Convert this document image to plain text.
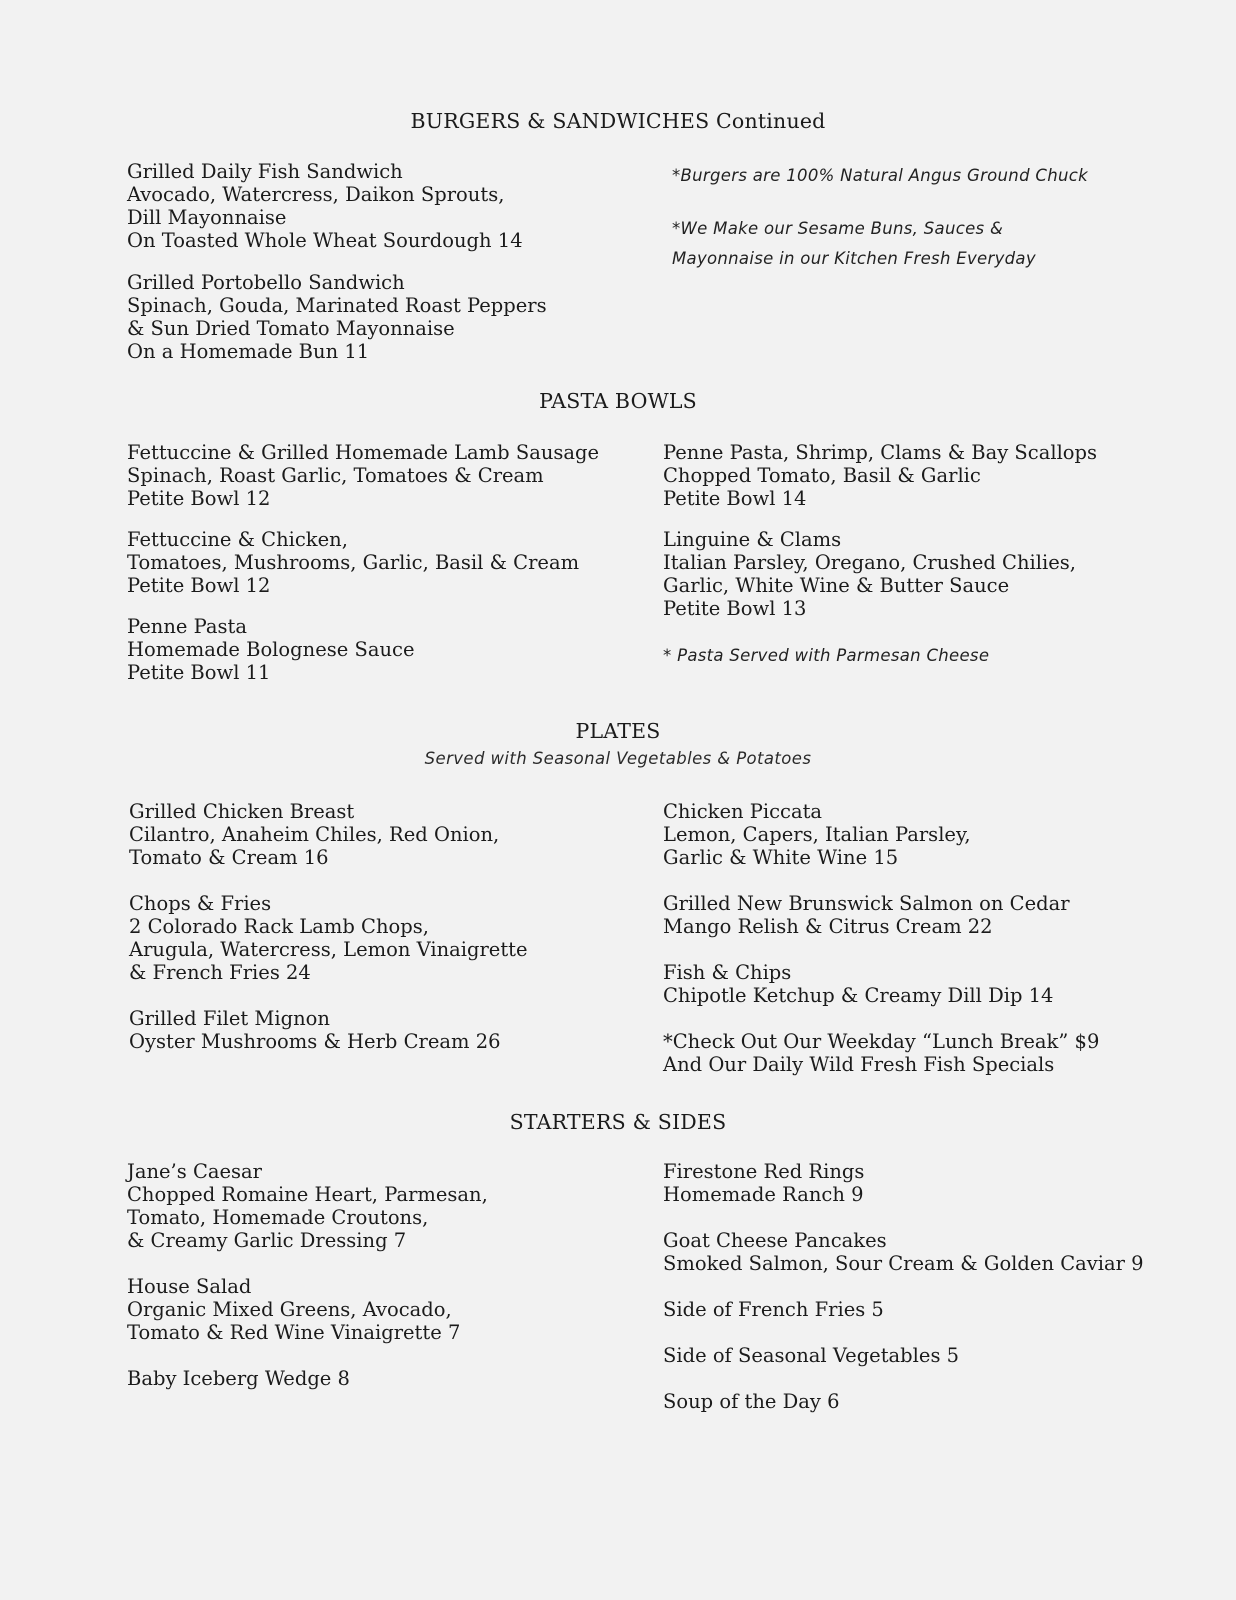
BURGERS & SANDWICHES Continued
Grilled Daily Fish Sandwich
Avocado, Watercress, Daikon Sprouts,
Dill Mayonnaise
On Toasted Whole Wheat Sourdough 14
Grilled Portobello Sandwich
Spinach, Gouda, Marinated Roast Peppers
& Sun Dried Tomato Mayonnaise
On a Homemade Bun 11
*Burgers are 100% Natural Angus Ground Chuck
*We Make our Sesame Buns, Sauces &
Mayonnaise in our Kitchen Fresh Everyday
PASTA BOWLS
Fettuccine & Grilled Homemade Lamb Sausage
Spinach, Roast Garlic, Tomatoes & Cream
Petite Bowl 12
Fettuccine & Chicken,
Tomatoes, Mushrooms, Garlic, Basil & Cream
Petite Bowl 12
Penne Pasta
Homemade Bolognese Sauce
Petite Bowl 11
Penne Pasta, Shrimp, Clams & Bay Scallops
Chopped Tomato, Basil & Garlic
Petite Bowl 14
Linguine & Clams
Italian Parsley, Oregano, Crushed Chilies,
Garlic, White Wine & Butter Sauce
Petite Bowl 13
* Pasta Served with Parmesan Cheese
PLATES
Served with Seasonal Vegetables & Potatoes
Grilled Chicken Breast
Cilantro, Anaheim Chiles, Red Onion,
Tomato & Cream 16
Chops & Fries
2 Colorado Rack Lamb Chops,
Arugula, Watercress, Lemon Vinaigrette
& French Fries 24
Grilled Filet Mignon
Oyster Mushrooms & Herb Cream 26
Chicken Piccata
Lemon, Capers, Italian Parsley,
Garlic & White Wine 15
Grilled New Brunswick Salmon on Cedar
Mango Relish & Citrus Cream 22
Fish & Chips
Chipotle Ketchup & Creamy Dill Dip 14
*Check Out Our Weekday “Lunch Break” $9
And Our Daily Wild Fresh Fish Specials
STARTERS & SIDES
Jane’s Caesar
Chopped Romaine Heart, Parmesan,
Tomato, Homemade Croutons,
& Creamy Garlic Dressing 7
House Salad
Organic Mixed Greens, Avocado,
Tomato & Red Wine Vinaigrette 7
Baby Iceberg Wedge 8
Firestone Red Rings
Homemade Ranch 9
Goat Cheese Pancakes
Smoked Salmon, Sour Cream & Golden Caviar 9
Side of French Fries 5
Side of Seasonal Vegetables 5
Soup of the Day 6
